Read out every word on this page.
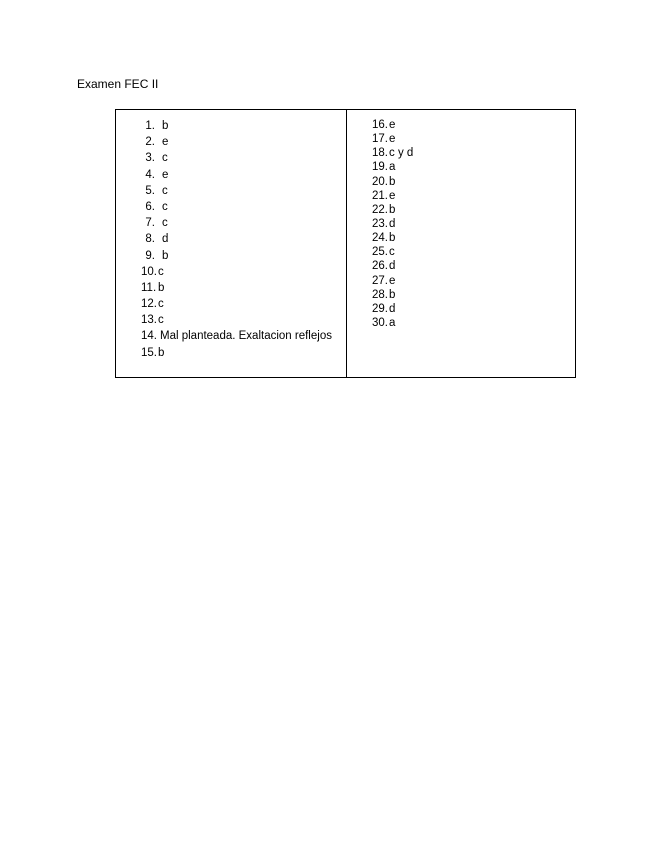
Examen FEC II
1. b
2. e
3. c
4. e
5. c
6. c
7. c
8. d
9. b
10. c
11. b
12. c
13. c
14. Mal planteada. Exaltacion reflejos
15. b
16. e
17. e
18. c y d
19. a
20. b
21. e
22. b
23. d
24. b
25. c
26. d
27. e
28. b
29. d
30. a
